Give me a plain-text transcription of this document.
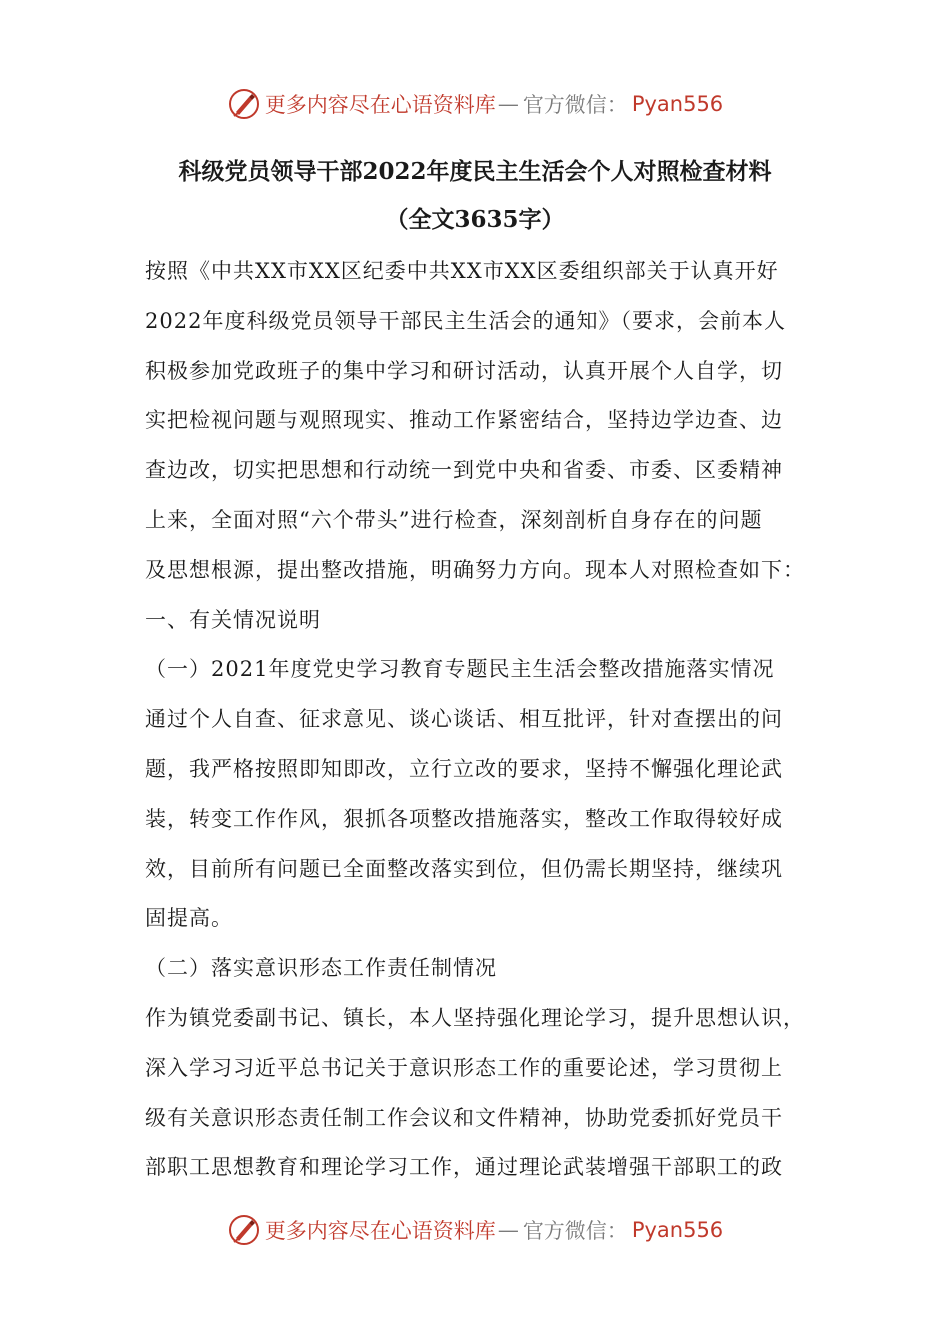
更多内容尽在心语资料库 — 官方微信： Pyan556
科级党员领导干部2022年度民主生活会个人对照检查材料
（全文3635字）
按照《中共XX市XX区纪委中共XX市XX区委组织部关于认真开好
2022年度科级党员领导干部民主生活会的通知》（要求，会前本人
积极参加党政班子的集中学习和研讨活动，认真开展个人自学，切
实把检视问题与观照现实、推动工作紧密结合，坚持边学边查、边
查边改，切实把思想和行动统一到党中央和省委、市委、区委精神
上来，全面对照“六个带头”进行检查，深刻剖析自身存在的问题
及思想根源，提出整改措施，明确努力方向。现本人对照检查如下：
一、有关情况说明
（一）2021年度党史学习教育专题民主生活会整改措施落实情况
通过个人自查、征求意见、谈心谈话、相互批评，针对查摆出的问
题，我严格按照即知即改，立行立改的要求，坚持不懈强化理论武
装，转变工作作风，狠抓各项整改措施落实，整改工作取得较好成
效，目前所有问题已全面整改落实到位，但仍需长期坚持，继续巩
固提高。
（二）落实意识形态工作责任制情况
作为镇党委副书记、镇长，本人坚持强化理论学习，提升思想认识，
深入学习习近平总书记关于意识形态工作的重要论述，学习贯彻上
级有关意识形态责任制工作会议和文件精神，协助党委抓好党员干
部职工思想教育和理论学习工作，通过理论武装增强干部职工的政
更多内容尽在心语资料库 — 官方微信： Pyan556
